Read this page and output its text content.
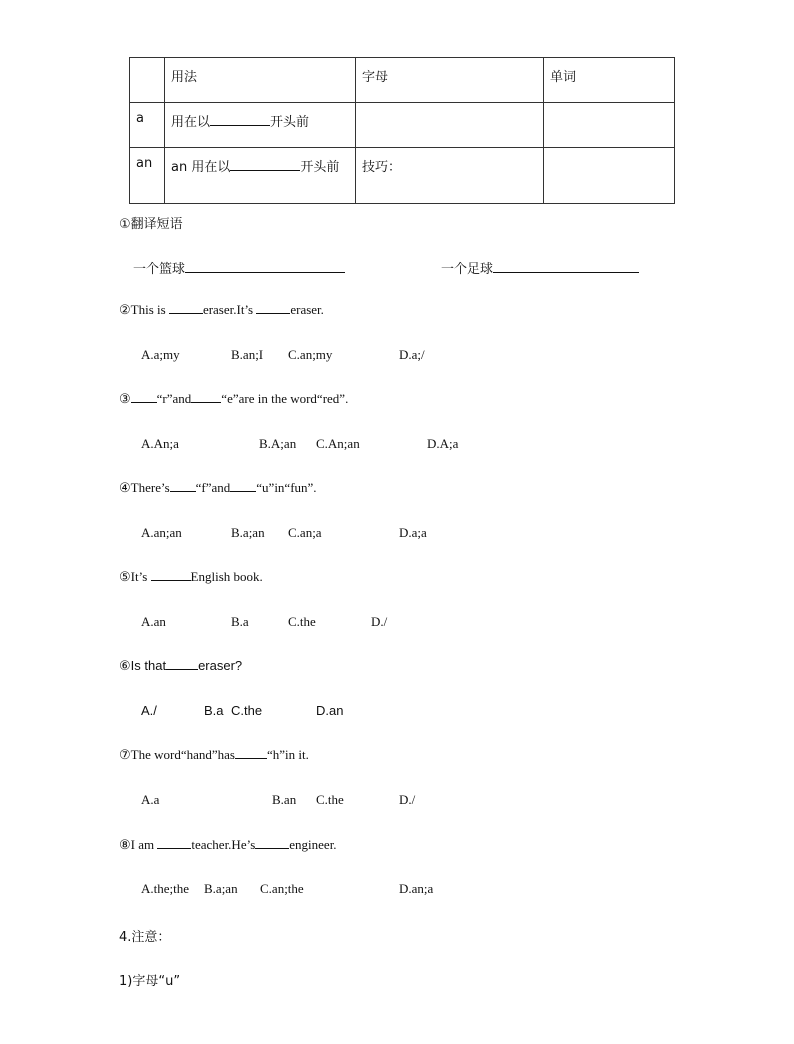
	用法	字母	单词
a	用在以 开头前		
an	an 用在以 开头前	技巧：	
①翻译短语
一个篮球	一个足球
②This is	eraser.It’s	eraser.
A.a;my	B.an;I C.an;my	D.a;/
③ “r”and “e”are in the word“red”.
A.An;a	B.A;an C.An;an	D.A;a
④There’s “f”and “u”in“fun”.
A.an;an	B.a;an C.an;a	D.a;a
⑤It’s	English book.
A.an	B.a	C.the	D./
⑥Is that eraser?
A./	B.a C.the	D.an
⑦The word“hand”has “h”in it.
A.a	B.an C.the	D./
⑧I am	teacher.He’s	engineer.
A.the;the B.a;an C.an;the	D.an;a
4.注意：
1)字母“u”
